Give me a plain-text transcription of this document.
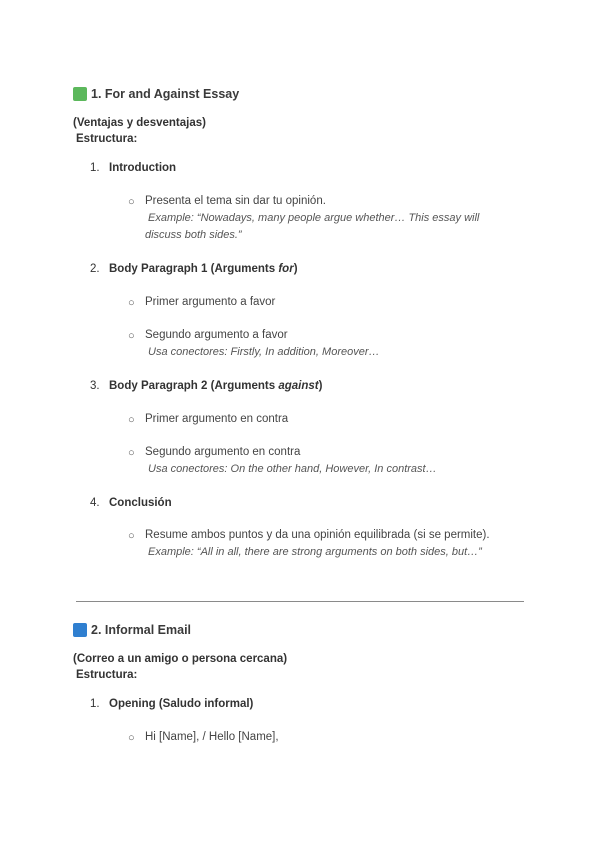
1. For and Against Essay
(Ventajas y desventajas)
Estructura:
1. Introduction
○ Presenta el tema sin dar tu opinión.
Example: “Nowadays, many people argue whether… This essay will
discuss both sides.”
2. Body Paragraph 1 (Arguments for)
○ Primer argumento a favor
○ Segundo argumento a favor
Usa conectores: Firstly, In addition, Moreover…
3. Body Paragraph 2 (Arguments against)
○ Primer argumento en contra
○ Segundo argumento en contra
Usa conectores: On the other hand, However, In contrast…
4. Conclusión
○ Resume ambos puntos y da una opinión equilibrada (si se permite).
Example: “All in all, there are strong arguments on both sides, but…”
2. Informal Email
(Correo a un amigo o persona cercana)
Estructura:
1. Opening (Saludo informal)
○ Hi [Name], / Hello [Name],
